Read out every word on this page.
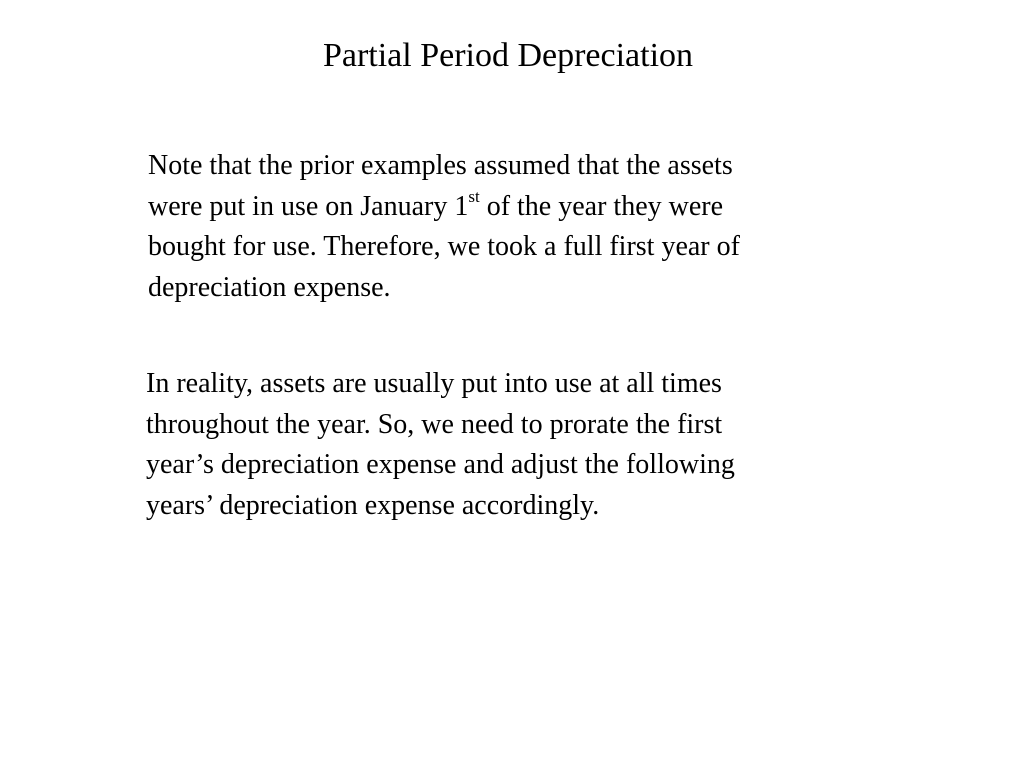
Partial Period Depreciation
Note that the prior examples assumed that the assets
were put in use on January 1st of the year they were
bought for use. Therefore, we took a full first year of
depreciation expense.
In reality, assets are usually put into use at all times
throughout the year. So, we need to prorate the first
year’s depreciation expense and adjust the following
years’ depreciation expense accordingly.
